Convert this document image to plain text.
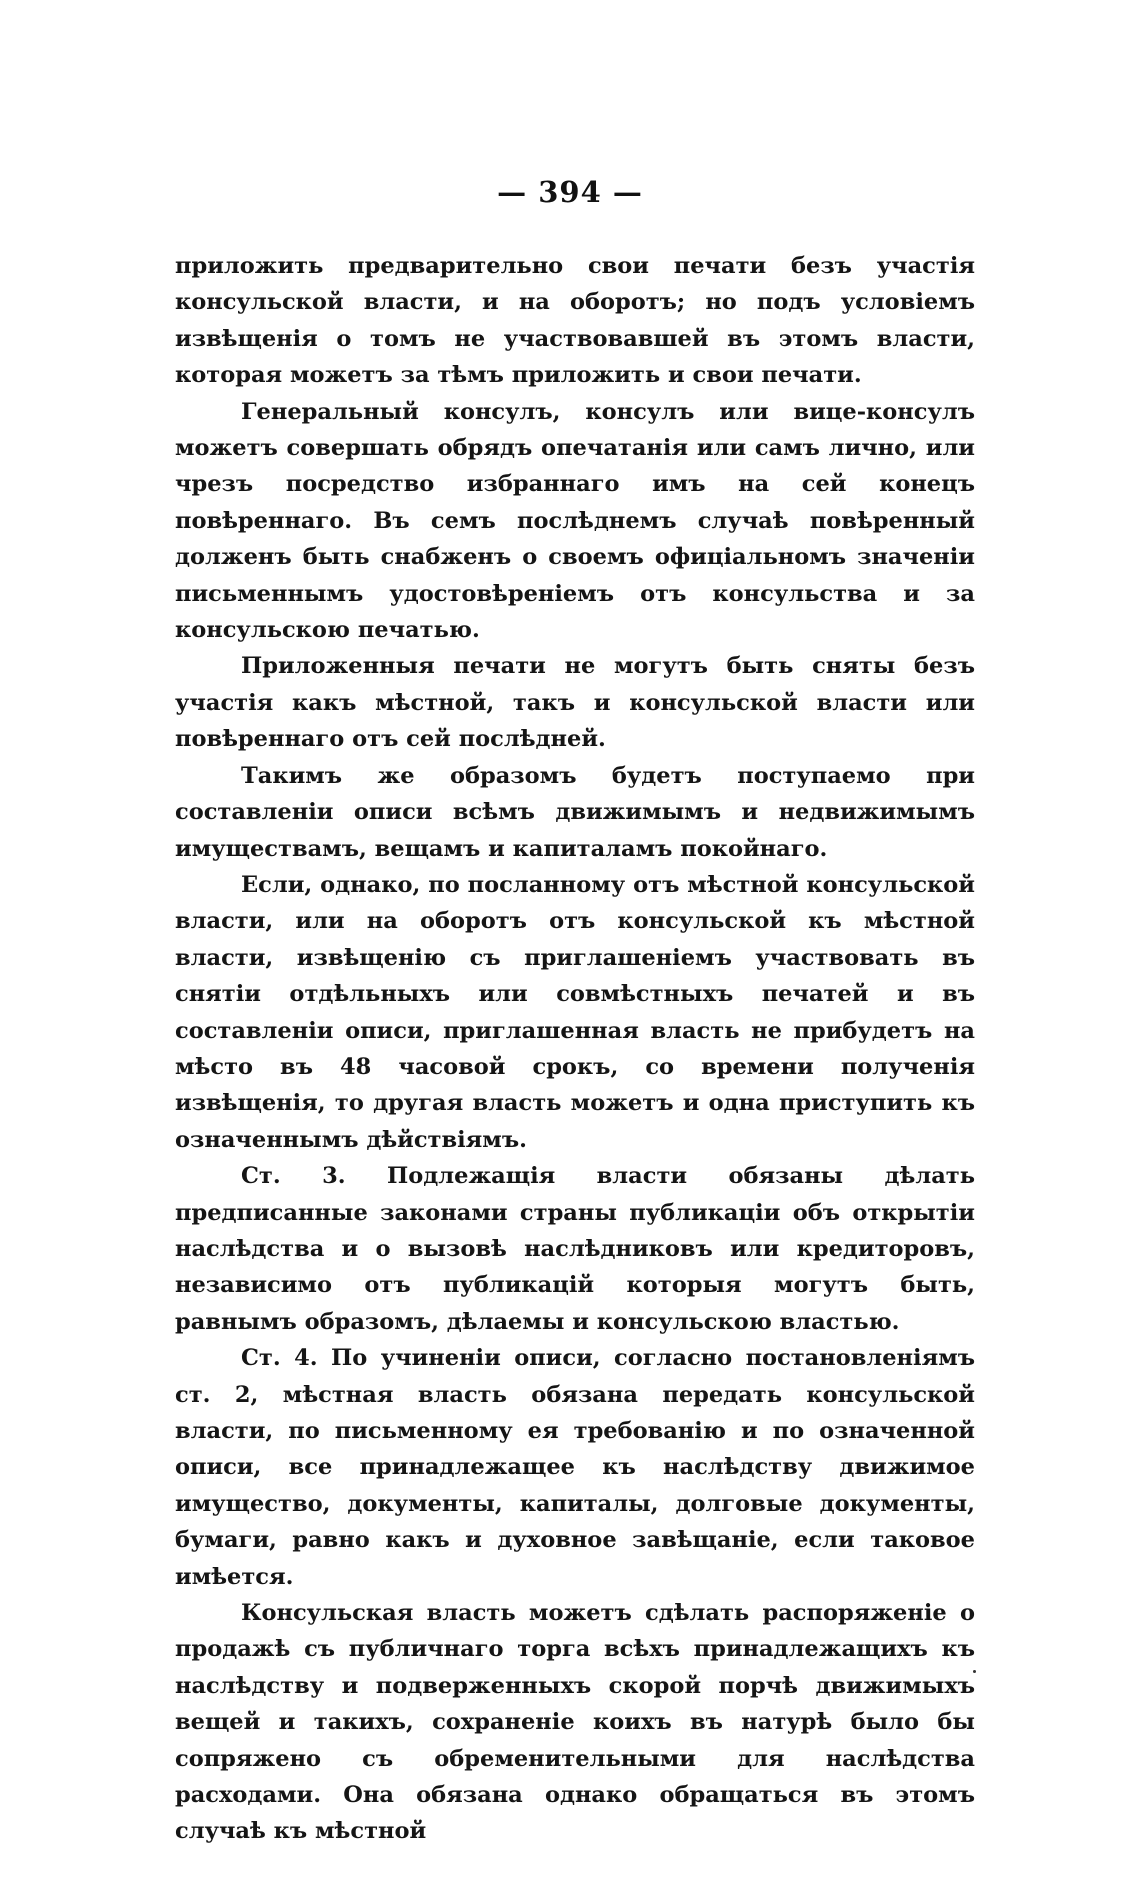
— 394 —

приложить предварительно свои печати безъ участія консульской власти, и на оборотъ; но подъ условіемъ извѣщенія о томъ не участвовавшей въ этомъ власти, которая можетъ за тѣмъ приложить и свои печати.

Генеральный консулъ, консулъ или вице-консулъ можетъ совершать обрядъ опечатанія или самъ лично, или чрезъ посредство избраннаго имъ на сей конецъ повѣреннаго. Въ семъ послѣднемъ случаѣ повѣренный долженъ быть снабженъ о своемъ офиціальномъ значеніи письменнымъ удостовѣреніемъ отъ консульства и за консульскою печатью.

Приложенныя печати не могутъ быть сняты безъ участія какъ мѣстной, такъ и консульской власти или повѣреннаго отъ сей послѣдней.

Такимъ же образомъ будетъ поступаемо при составленіи описи всѣмъ движимымъ и недвижимымъ имуществамъ, вещамъ и капиталамъ покойнаго.

Если, однако, по посланному отъ мѣстной консульской власти, или на оборотъ отъ консульской къ мѣстной власти, извѣщенію съ приглашеніемъ участвовать въ снятіи отдѣльныхъ или совмѣстныхъ печатей и въ составленіи описи, приглашенная власть не прибудетъ на мѣсто въ 48 часовой срокъ, со времени полученія извѣщенія, то другая власть можетъ и одна приступить къ означеннымъ дѣйствіямъ.

Ст. 3. Подлежащія власти обязаны дѣлать предписанные законами страны публикаціи объ открытіи наслѣдства и о вызовѣ наслѣдниковъ или кредиторовъ, независимо отъ публикацій которыя могутъ быть, равнымъ образомъ, дѣлаемы и консульскою властью.

Ст. 4. По учиненіи описи, согласно постановленіямъ ст. 2, мѣстная власть обязана передать консульской власти, по письменному ея требованію и по означенной описи, все принадлежащее къ наслѣдству движимое имущество, документы, капиталы, долговые документы, бумаги, равно какъ и духовное завѣщаніе, если таковое имѣется.

Консульская власть можетъ сдѣлать распоряженіе о продажѣ съ публичнаго торга всѣхъ принадлежащихъ къ наслѣдству и подверженныхъ скорой порчѣ движимыхъ вещей и такихъ, сохраненіе коихъ въ натурѣ было бы сопряжено съ обременительными для наслѣдства расходами. Она обязана однако обращаться въ этомъ случаѣ къ мѣстной
